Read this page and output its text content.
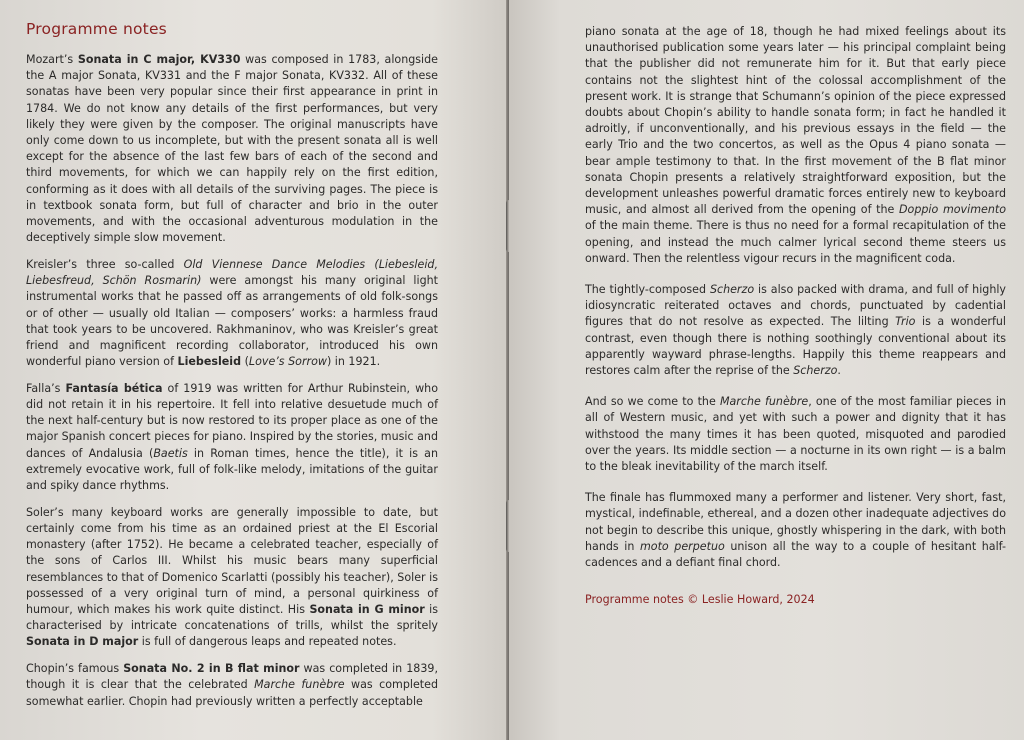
Programme notes

Mozart’s Sonata in C major, KV330 was composed in 1783, alongside the A major Sonata, KV331 and the F major Sonata, KV332. All of these sonatas have been very popular since their first appearance in print in 1784. We do not know any details of the first performances, but very likely they were given by the composer. The original manuscripts have only come down to us incomplete, but with the present sonata all is well except for the absence of the last few bars of each of the second and third movements, for which we can happily rely on the first edition, conforming as it does with all details of the surviving pages. The piece is in textbook sonata form, but full of character and brio in the outer movements, and with the occasional adventurous modulation in the deceptively simple slow movement.

Kreisler’s three so-called Old Viennese Dance Melodies (Liebesleid, Liebesfreud, Schön Rosmarin) were amongst his many original light instrumental works that he passed off as arrangements of old folk-songs or of other — usually old Italian — composers’ works: a harmless fraud that took years to be uncovered. Rakhmaninov, who was Kreisler’s great friend and magnificent recording collaborator, introduced his own wonderful piano version of Liebesleid (Love’s Sorrow) in 1921.

Falla’s Fantasía bética of 1919 was written for Arthur Rubinstein, who did not retain it in his repertoire. It fell into relative desuetude much of the next half-century but is now restored to its proper place as one of the major Spanish concert pieces for piano. Inspired by the stories, music and dances of Andalusia (Baetis in Roman times, hence the title), it is an extremely evocative work, full of folk-like melody, imitations of the guitar and spiky dance rhythms.

Soler’s many keyboard works are generally impossible to date, but certainly come from his time as an ordained priest at the El Escorial monastery (after 1752). He became a celebrated teacher, especially of the sons of Carlos III. Whilst his music bears many superficial resemblances to that of Domenico Scarlatti (possibly his teacher), Soler is possessed of a very original turn of mind, a personal quirkiness of humour, which makes his work quite distinct. His Sonata in G minor is characterised by intricate concatenations of trills, whilst the spritely Sonata in D major is full of dangerous leaps and repeated notes.

Chopin’s famous Sonata No. 2 in B flat minor was completed in 1839, though it is clear that the celebrated Marche funèbre was completed somewhat earlier. Chopin had previously written a perfectly acceptable

piano sonata at the age of 18, though he had mixed feelings about its unauthorised publication some years later — his principal complaint being that the publisher did not remunerate him for it. But that early piece contains not the slightest hint of the colossal accomplishment of the present work. It is strange that Schumann’s opinion of the piece expressed doubts about Chopin’s ability to handle sonata form; in fact he handled it adroitly, if unconventionally, and his previous essays in the field — the early Trio and the two concertos, as well as the Opus 4 piano sonata — bear ample testimony to that. In the first movement of the B flat minor sonata Chopin presents a relatively straightforward exposition, but the development unleashes powerful dramatic forces entirely new to keyboard music, and almost all derived from the opening of the Doppio movimento of the main theme. There is thus no need for a formal recapitulation of the opening, and instead the much calmer lyrical second theme steers us onward. Then the relentless vigour recurs in the magnificent coda.

The tightly-composed Scherzo is also packed with drama, and full of highly idiosyncratic reiterated octaves and chords, punctuated by cadential figures that do not resolve as expected. The lilting Trio is a wonderful contrast, even though there is nothing soothingly conventional about its apparently wayward phrase-lengths. Happily this theme reappears and restores calm after the reprise of the Scherzo.

And so we come to the Marche funèbre, one of the most familiar pieces in all of Western music, and yet with such a power and dignity that it has withstood the many times it has been quoted, misquoted and parodied over the years. Its middle section — a nocturne in its own right — is a balm to the bleak inevitability of the march itself.

The finale has flummoxed many a performer and listener. Very short, fast, mystical, indefinable, ethereal, and a dozen other inadequate adjectives do not begin to describe this unique, ghostly whispering in the dark, with both hands in moto perpetuo unison all the way to a couple of hesitant half-cadences and a defiant final chord.

Programme notes © Leslie Howard, 2024
